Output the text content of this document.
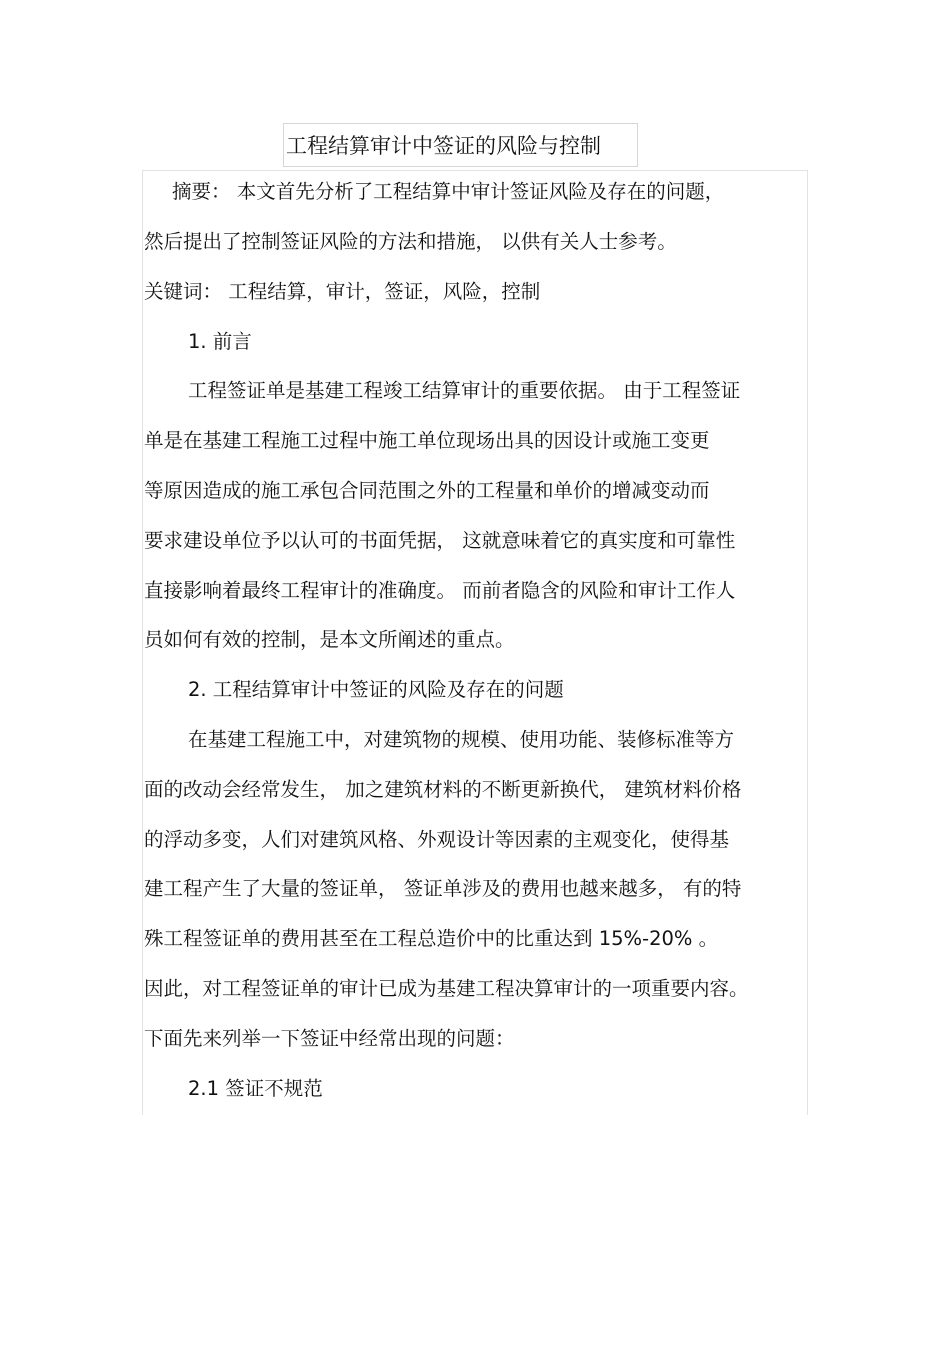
工程结算审计中签证的风险与控制
摘要： 本文首先分析了工程结算中审计签证风险及存在的问题，
然后提出了控制签证风险的方法和措施， 以供有关人士参考。
关键词： 工程结算，审计，签证，风险，控制
1. 前言
工程签证单是基建工程竣工结算审计的重要依据。 由于工程签证
单是在基建工程施工过程中施工单位现场出具的因设计或施工变更
等原因造成的施工承包合同范围之外的工程量和单价的增减变动而
要求建设单位予以认可的书面凭据， 这就意味着它的真实度和可靠性
直接影响着最终工程审计的准确度。 而前者隐含的风险和审计工作人
员如何有效的控制，是本文所阐述的重点。
2. 工程结算审计中签证的风险及存在的问题
在基建工程施工中，对建筑物的规模、使用功能、装修标准等方
面的改动会经常发生， 加之建筑材料的不断更新换代， 建筑材料价格
的浮动多变，人们对建筑风格、外观设计等因素的主观变化，使得基
建工程产生了大量的签证单， 签证单涉及的费用也越来越多， 有的特
殊工程签证单的费用甚至在工程总造价中的比重达到 15%-20% 。
因此，对工程签证单的审计已成为基建工程决算审计的一项重要内容。
下面先来列举一下签证中经常出现的问题：
2.1 签证不规范
